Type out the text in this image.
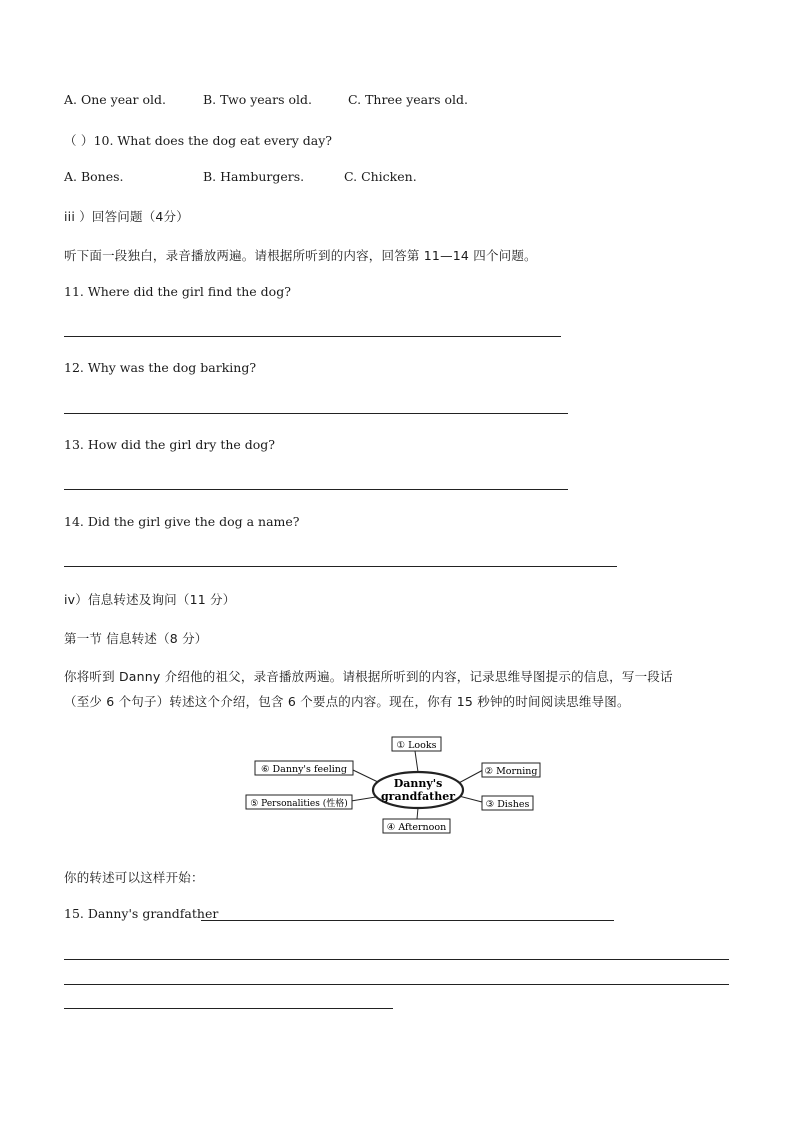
A. One year old.	B. Two years old.	C. Three years old.
（ ）10. What does the dog eat every day?
A. Bones.	B. Hamburgers.	C. Chicken.
iii ）回答问题（4分）
听下面一段独白，录音播放两遍。请根据所听到的内容，回答第 11—14 四个问题。
11. Where did the girl find the dog?
12. Why was the dog barking?
13. How did the girl dry the dog?
14. Did the girl give the dog a name?
iv）信息转述及询问（11 分）
第一节 信息转述（8 分）
你将听到 Danny 介绍他的祖父，录音播放两遍。请根据所听到的内容，记录思维导图提示的信息，写一段话
（至少 6 个句子）转述这个介绍，包含 6 个要点的内容。现在，你有 15 秒钟的时间阅读思维导图。
Danny's
grandfather
① Looks
② Morning
③ Dishes
④ Afternoon
⑤ Personalities (性格)
⑥ Danny's feeling
你的转述可以这样开始：
15. Danny's grandfather
